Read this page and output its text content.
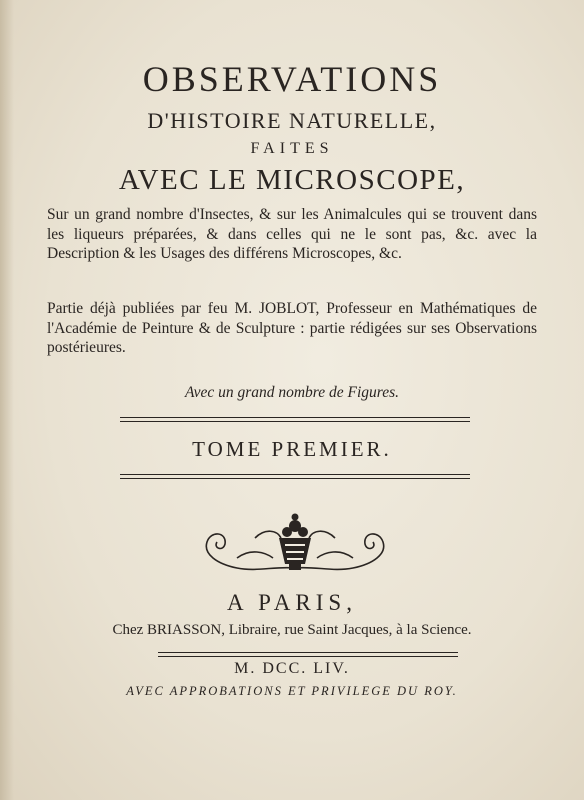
OBSERVATIONS
D'HISTOIRE NATURELLE,
FAITES
AVEC LE MICROSCOPE,
Sur un grand nombre d'Insectes, & sur les Animalcules qui se trouvent dans les liqueurs préparées, & dans celles qui ne le sont pas, &c. avec la Description & les Usages des différens Microscopes, &c.
Partie déjà publiées par feu M. JOBLOT, Professeur en Mathématiques de l'Académie de Peinture & de Sculpture : partie rédigées sur ses Observations postérieures.
Avec un grand nombre de Figures.
TOME PREMIER.
A PARIS,
Chez BRIASSON, Libraire, rue Saint Jacques, à la Science.
M. DCC. LIV.
AVEC APPROBATIONS ET PRIVILEGE DU ROY.
